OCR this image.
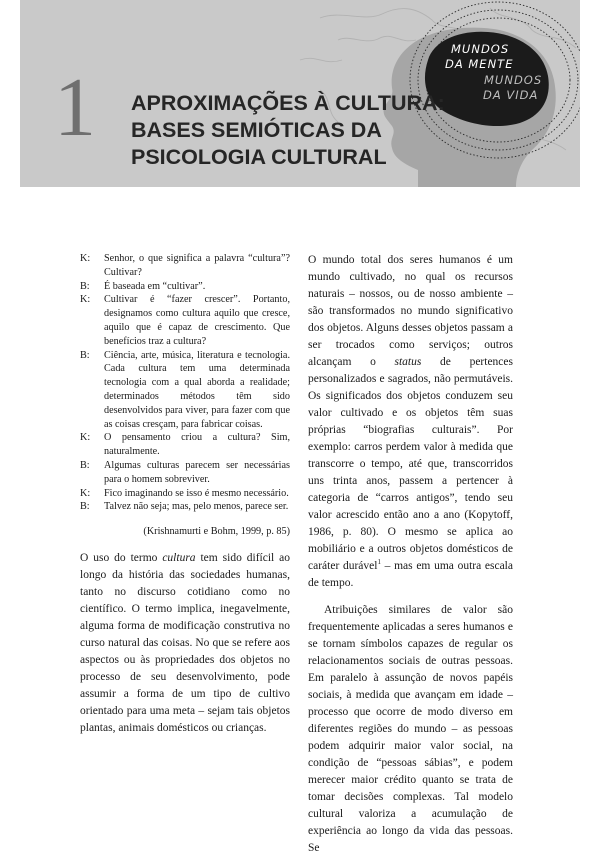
MUNDOS
DA MENTE
MUNDOS
DA VIDA
1 APROXIMAÇÕES À CULTURA:
BASES SEMIÓTICAS DA
PSICOLOGIA CULTURAL
K:	Senhor, o que significa a palavra “cultura”? Cultivar?
B:	É baseada em “cultivar”.
K:	Cultivar é “fazer crescer”. Portanto, designamos como cultura aquilo que cresce, aquilo que é capaz de crescimento. Que benefícios traz a cultura?
B:	Ciência, arte, música, literatura e tecnologia. Cada cultura tem uma determinada tecnologia com a qual aborda a realidade; determinados métodos têm sido desenvolvidos para viver, para fazer com que as coisas cresçam, para fabricar coisas.
K:	O pensamento criou a cultura? Sim, naturalmente.
B:	Algumas culturas parecem ser necessárias para o homem sobreviver.
K:	Fico imaginando se isso é mesmo necessário.
B:	Talvez não seja; mas, pelo menos, parece ser.
(Krishnamurti e Bohm, 1999, p. 85)

O uso do termo cultura tem sido difícil ao longo da história das sociedades humanas, tanto no discurso cotidiano como no científico. O termo implica, inegavelmente, alguma forma de modificação construtiva no curso natural das coisas. No que se refere aos aspectos ou às propriedades dos objetos no processo de seu desenvolvimento, pode assumir a forma de um tipo de cultivo orientado para uma meta – sejam tais objetos plantas, animais domésticos ou crianças.

O mundo total dos seres humanos é um mundo cultivado, no qual os recursos naturais – nossos, ou de nosso ambiente – são transformados no mundo significativo dos objetos. Alguns desses objetos passam a ser trocados como serviços; outros alcançam o status de pertences personalizados e sagrados, não permutáveis. Os significados dos objetos conduzem seu valor cultivado e os objetos têm suas próprias “biografias culturais”. Por exemplo: carros perdem valor à medida que transcorre o tempo, até que, transcorridos uns trinta anos, passem a pertencer à categoria de “carros antigos”, tendo seu valor acrescido então ano a ano (Kopytoff, 1986, p. 80). O mesmo se aplica ao mobiliário e a outros objetos domésticos de caráter durável$^1$ – mas em uma outra escala de tempo.

Atribuições similares de valor são frequentemente aplicadas a seres humanos e se tornam símbolos capazes de regular os relacionamentos sociais de outras pessoas. Em paralelo à assunção de novos papéis sociais, à medida que avançam em idade – processo que ocorre de modo diverso em diferentes regiões do mundo – as pessoas podem adquirir maior valor social, na condição de “pessoas sábias”, e podem merecer maior crédito quanto se trata de tomar decisões complexas. Tal modelo cultural valoriza a acumulação de experiência ao longo da vida das pessoas. Se
